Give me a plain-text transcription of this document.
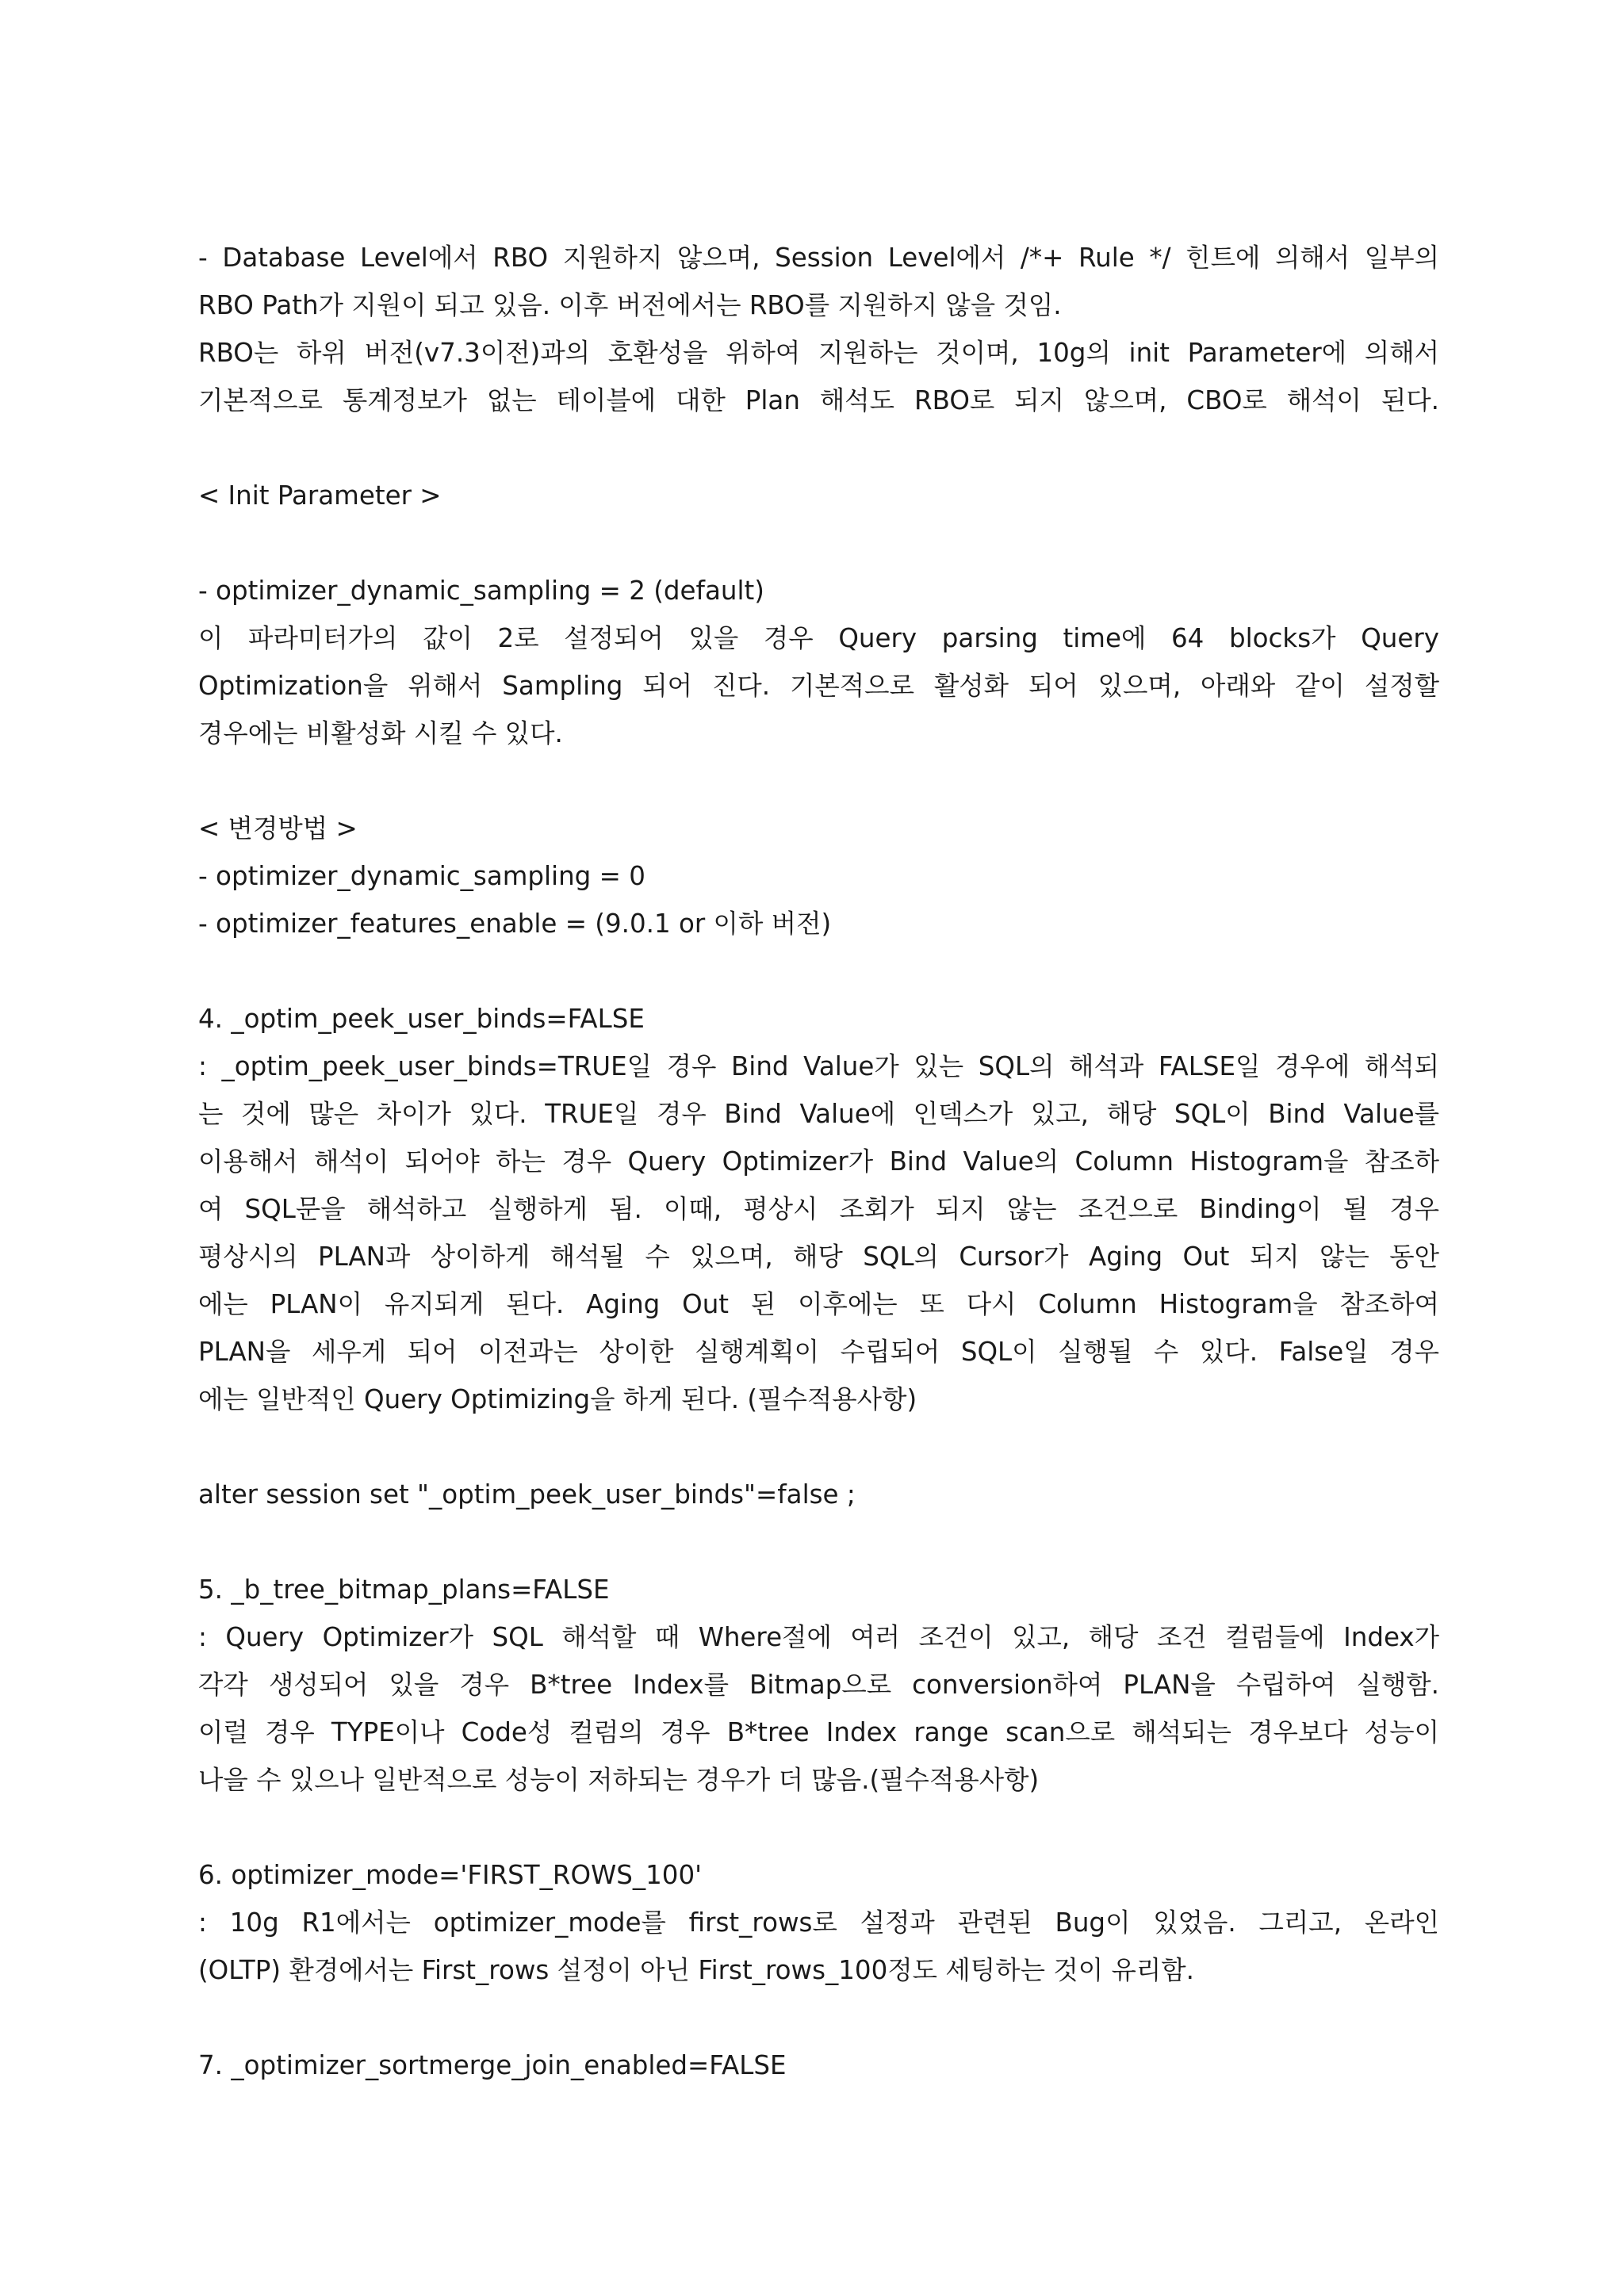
- Database Level에서 RBO 지원하지 않으며, Session Level에서 /*+ Rule */ 힌트에 의해서 일부의
RBO Path가 지원이 되고 있음. 이후 버전에서는 RBO를 지원하지 않을 것임.
RBO는 하위 버전(v7.3이전)과의 호환성을 위하여 지원하는 것이며, 10g의 init Parameter에 의해서
기본적으로 통계정보가 없는 테이블에 대한 Plan 해석도 RBO로 되지 않으며, CBO로 해석이 된다.
< Init Parameter >
- optimizer_dynamic_sampling = 2 (default)
이 파라미터가의 값이 2로 설정되어 있을 경우 Query parsing time에 64 blocks가 Query
Optimization을 위해서 Sampling 되어 진다. 기본적으로 활성화 되어 있으며, 아래와 같이 설정할
경우에는 비활성화 시킬 수 있다.
< 변경방법 >
- optimizer_dynamic_sampling = 0
- optimizer_features_enable = (9.0.1 or 이하 버전)
4. _optim_peek_user_binds=FALSE
: _optim_peek_user_binds=TRUE일 경우 Bind Value가 있는 SQL의 해석과 FALSE일 경우에 해석되
는 것에 많은 차이가 있다. TRUE일 경우 Bind Value에 인덱스가 있고, 해당 SQL이 Bind Value를
이용해서 해석이 되어야 하는 경우 Query Optimizer가 Bind Value의 Column Histogram을 참조하
여 SQL문을 해석하고 실행하게 됨. 이때, 평상시 조회가 되지 않는 조건으로 Binding이 될 경우
평상시의 PLAN과 상이하게 해석될 수 있으며, 해당 SQL의 Cursor가 Aging Out 되지 않는 동안
에는 PLAN이 유지되게 된다. Aging Out 된 이후에는 또 다시 Column Histogram을 참조하여
PLAN을 세우게 되어 이전과는 상이한 실행계획이 수립되어 SQL이 실행될 수 있다. False일 경우
에는 일반적인 Query Optimizing을 하게 된다. (필수적용사항)
alter session set "_optim_peek_user_binds"=false ;
5. _b_tree_bitmap_plans=FALSE
: Query Optimizer가 SQL 해석할 때 Where절에 여러 조건이 있고, 해당 조건 컬럼들에 Index가
각각 생성되어 있을 경우 B*tree Index를 Bitmap으로 conversion하여 PLAN을 수립하여 실행함.
이럴 경우 TYPE이나 Code성 컬럼의 경우 B*tree Index range scan으로 해석되는 경우보다 성능이
나을 수 있으나 일반적으로 성능이 저하되는 경우가 더 많음.(필수적용사항)
6. optimizer_mode='FIRST_ROWS_100'
: 10g R1에서는 optimizer_mode를 first_rows로 설정과 관련된 Bug이 있었음. 그리고, 온라인
(OLTP) 환경에서는 First_rows 설정이 아닌 First_rows_100정도 세팅하는 것이 유리함.
7. _optimizer_sortmerge_join_enabled=FALSE
